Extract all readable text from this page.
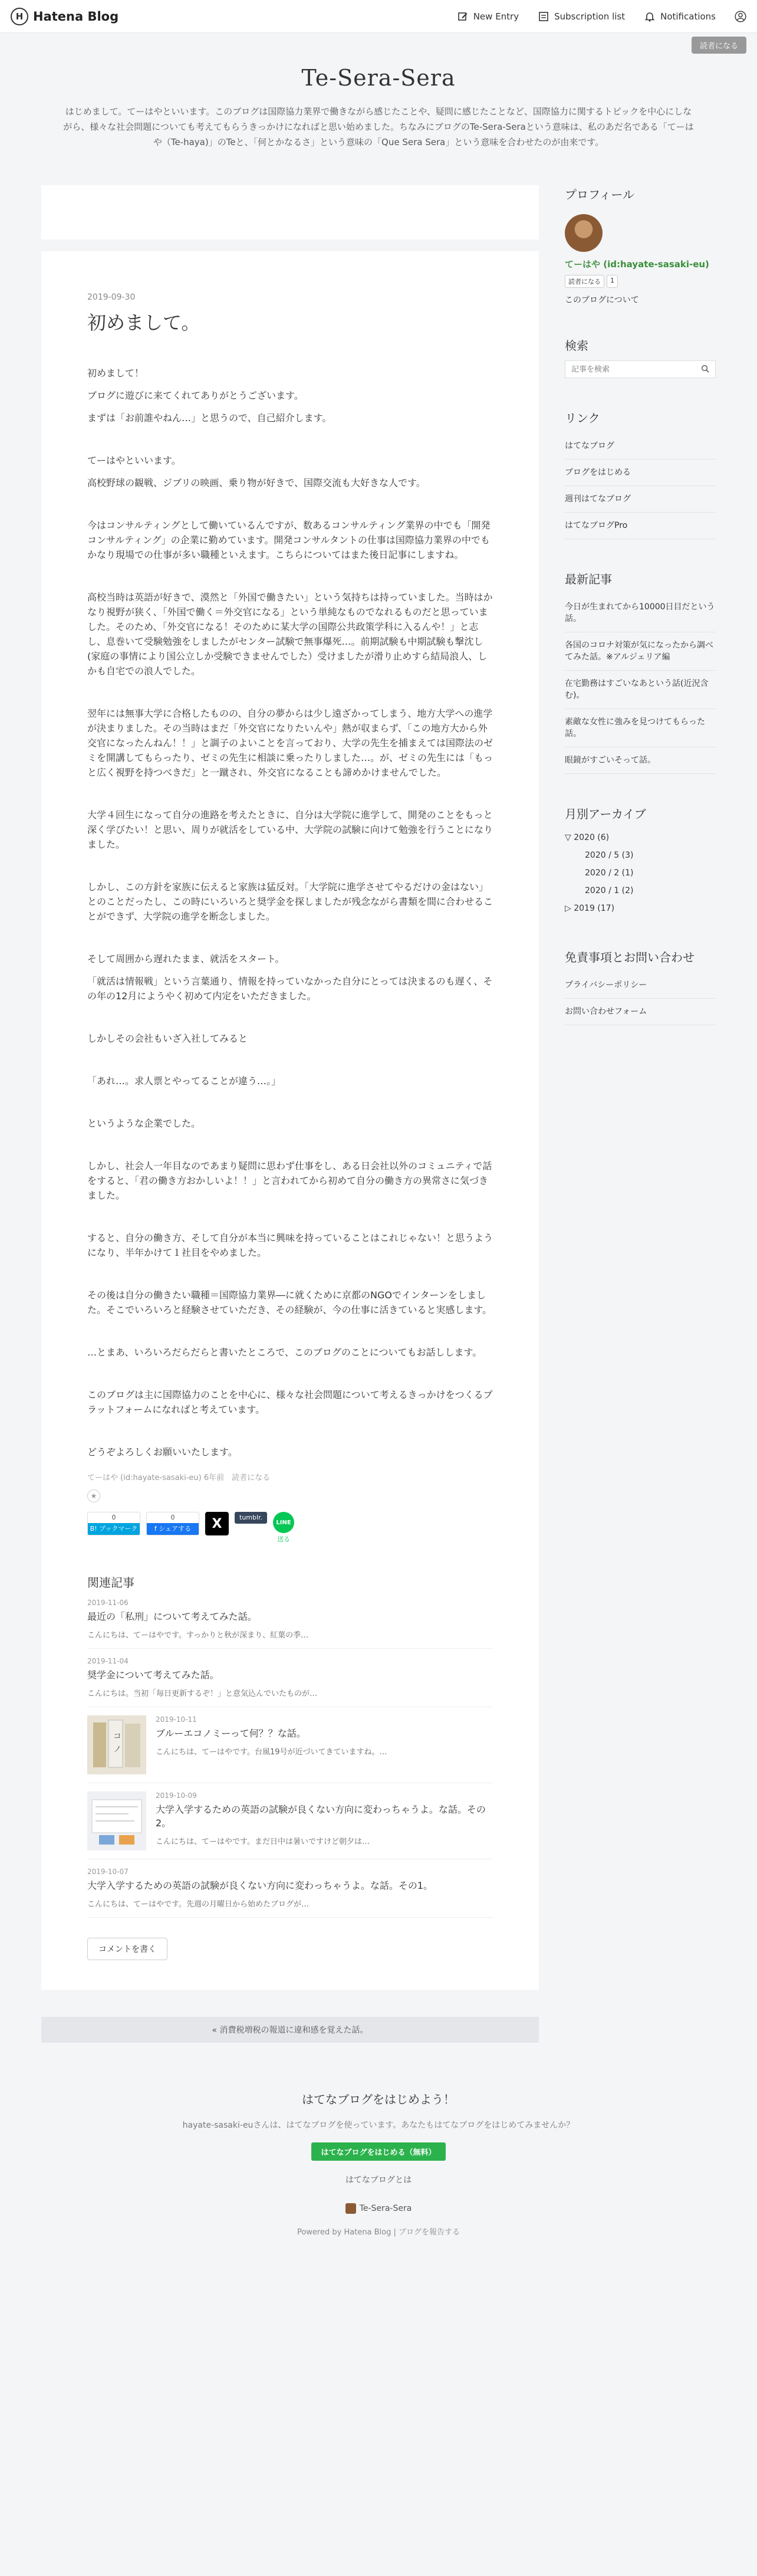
H Hatena Blog	New Entry	Subscription list	Notifications
読者になる
Te-Sera-Sera
はじめまして。てーはやといいます。このブログは国際協力業界で働きながら感じたことや、疑問に感じたことなど、国際協力に関するトピックを中心にしながら、様々な社会問題についても考えてもらうきっかけになればと思い始めました。ちなみにブログのTe-Sera-Seraという意味は、私のあだ名である「てーはや（Te-haya)」のTeと、「何とかなるさ」という意味の「Que Sera Sera」という意味を合わせたのが由来です。
2019-09-30
初めまして。

初めまして！

ブログに遊びに来てくれてありがとうございます。

まずは「お前誰やねん…」と思うので、自己紹介します。

てーはやといいます。

高校野球の観戦、ジブリの映画、乗り物が好きで、国際交流も大好きな人です。

今はコンサルティングとして働いているんですが、数あるコンサルティング業界の中でも「開発コンサルティング」の企業に勤めています。開発コンサルタントの仕事は国際協力業界の中でもかなり現場での仕事が多い職種といえます。こちらについてはまた後日記事にしますね。

高校当時は英語が好きで、漠然と「外国で働きたい」という気持ちは持っていました。当時はかなり視野が狭く、「外国で働く＝外交官になる」という単純なものでなれるものだと思っていました。そのため、「外交官になる！そのために某大学の国際公共政策学科に入るんや！」と志し、息巻いて受験勉強をしましたがセンター試験で無事爆死…。前期試験も中期試験も撃沈し(家庭の事情により国公立しか受験できませんでした）受けましたが滑り止めすら結局浪人、しかも自宅での浪人でした。

翌年には無事大学に合格したものの、自分の夢からは少し遠ざかってしまう、地方大学への進学が決まりました。その当時はまだ「外交官になりたいんや」熱が収まらず、「この地方大から外交官になったんねん！！」と調子のよいことを言っており、大学の先生を捕まえては国際法のゼミを開講してもらったり、ゼミの先生に相談に乗ったりしました…。が、ゼミの先生には「もっと広く視野を持つべきだ」と一蹴され、外交官になることも諦めかけませんでした。

大学４回生になって自分の進路を考えたときに、自分は大学院に進学して、開発のことをもっと深く学びたい！と思い、周りが就活をしている中、大学院の試験に向けて勉強を行うことになりました。

しかし、この方針を家族に伝えると家族は猛反対。「大学院に進学させてやるだけの金はない」とのことだったし、この時にいろいろと奨学金を探しましたが残念ながら書類を間に合わせることができず、大学院の進学を断念しました。

そして周囲から遅れたまま、就活をスタート。

「就活は情報戦」という言葉通り、情報を持っていなかった自分にとっては決まるのも遅く、その年の12月にようやく初めて内定をいただきました。

しかしその会社もいざ入社してみると

「あれ…。求人票とやってることが違う…。」

というような企業でした。

しかし、社会人一年目なのであまり疑問に思わず仕事をし、ある日会社以外のコミュニティで話をすると、「君の働き方おかしいよ！！」と言われてから初めて自分の働き方の異常さに気づきました。

すると、自分の働き方、そして自分が本当に興味を持っていることはこれじゃない！と思うようになり、半年かけて１社目をやめました。

その後は自分の働きたい職種＝国際協力業界―に就くために京都のNGOでインターンをしました。そこでいろいろと経験させていただき、その経験が、今の仕事に活きていると実感します。

…とまあ、いろいろだらだらと書いたところで、このブログのことについてもお話しします。

このブログは主に国際協力のことを中心に、様々な社会問題について考えるきっかけをつくるプラットフォームになればと考えています。

どうぞよろしくお願いいたします。

てーはや (id:hayate-sasaki-eu) 6年前　読者になる
★
0
B! ブックマーク
0
f シェアする	X	tumblr.
LINE
送る
関連記事
2019-11-06
最近の「私刑」について考えてみた話。
こんにちは、てーはやです。すっかりと秋が深まり、紅葉の季…
2019-11-04
奨学金について考えてみた話。
こんにちは。当初「毎日更新するぞ！」と意気込んでいたものが…
コ
ノ
2019-10-11
ブルーエコノミーって何？？な話。
こんにちは、てーはやです。台風19号が近づいてきていますね。…
2019-10-09
大学入学するための英語の試験が良くない方向に変わっちゃうよ。な話。その2。
こんにちは、てーはやです。まだ日中は暑いですけど朝夕は…
2019-10-07
大学入学するための英語の試験が良くない方向に変わっちゃうよ。な話。その1。
こんにちは、てーはやです。先週の月曜日から始めたブログが…
コメントを書く
« 消費税増税の報道に違和感を覚えた話。
プロフィール
てーはや (id:hayate-sasaki-eu)
読者になる	1
このブログについて
検索
記事を検索
リンク
はてなブログ
ブログをはじめる
週刊はてなブログ
はてなブログPro
最新記事
今日が生まれてから10000日目だという話。
各国のコロナ対策が気になったから調べてみた話。※アルジェリア編
在宅勤務はすごいなあという話(近況含む)。
素敵な女性に強みを見つけてもらった話。
眼鏡がすごいそって話。
月別アーカイブ
▽ 2020 (6)
2020 / 5 (3)
2020 / 2 (1)
2020 / 1 (2)
▷ 2019 (17)
免責事項とお問い合わせ
プライバシーポリシー
お問い合わせフォーム
はてなブログをはじめよう！
hayate-sasaki-euさんは、はてなブログを使っています。あなたもはてなブログをはじめてみませんか？
はてなブログをはじめる（無料）
はてなブログとは
Te-Sera-Sera
Powered by Hatena Blog | ブログを報告する
